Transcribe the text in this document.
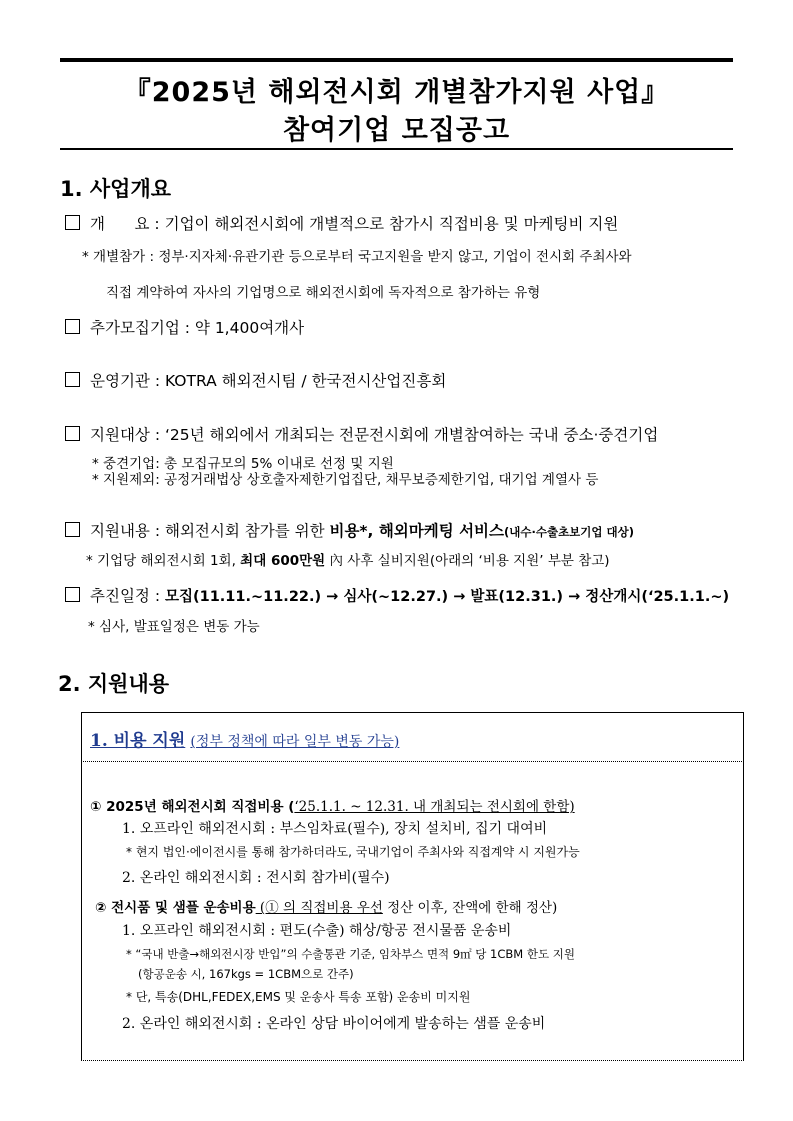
『2025년 해외전시회 개별참가지원 사업』
참여기업 모집공고
1. 사업개요
개      요 : 기업이 해외전시회에 개별적으로 참가시 직접비용 및 마케팅비 지원
* 개별참가 : 정부·지자체·유관기관 등으로부터 국고지원을 받지 않고, 기업이 전시회 주최사와
직접 계약하여 자사의 기업명으로 해외전시회에 독자적으로 참가하는 유형
추가모집기업 : 약 1,400여개사
운영기관 : KOTRA 해외전시팀 / 한국전시산업진흥회
지원대상 : ‘25년 해외에서 개최되는 전문전시회에 개별참여하는 국내 중소·중견기업
* 중견기업: 총 모집규모의 5% 이내로 선정 및 지원
* 지원제외: 공정거래법상 상호출자제한기업집단, 채무보증제한기업, 대기업 계열사 등
지원내용 : 해외전시회 참가를 위한 비용*, 해외마케팅 서비스(내수·수출초보기업 대상)
* 기업당 해외전시회 1회, 최대 600만원 內 사후 실비지원(아래의 ‘비용 지원’ 부분 참고)
추진일정 : 모집(11.11.~11.22.) → 심사(~12.27.) → 발표(12.31.) → 정산개시(‘25.1.1.~)
* 심사, 발표일정은 변동 가능
2. 지원내용
1. 비용 지원 (정부 정책에 따라 일부 변동 가능)
① 2025년 해외전시회 직접비용 (‘25.1.1. ~ 12.31. 내 개최되는 전시회에 한함)
1. 오프라인 해외전시회 : 부스임차료(필수), 장치 설치비, 집기 대여비
* 현지 법인·에이전시를 통해 참가하더라도, 국내기업이 주최사와 직접계약 시 지원가능
2. 온라인 해외전시회 : 전시회 참가비(필수)
② 전시품 및 샘플 운송비용 (① 의 직접비용 우선 정산 이후, 잔액에 한해 정산)
1. 오프라인 해외전시회 : 편도(수출) 해상/항공 전시물품 운송비
* “국내 반출→해외전시장 반입”의 수출통관 기준, 임차부스 면적 9㎡ 당 1CBM 한도 지원
(항공운송 시, 167kgs = 1CBM으로 간주)
* 단, 특송(DHL,FEDEX,EMS 및 운송사 특송 포함) 운송비 미지원
2. 온라인 해외전시회 : 온라인 상담 바이어에게 발송하는 샘플 운송비
